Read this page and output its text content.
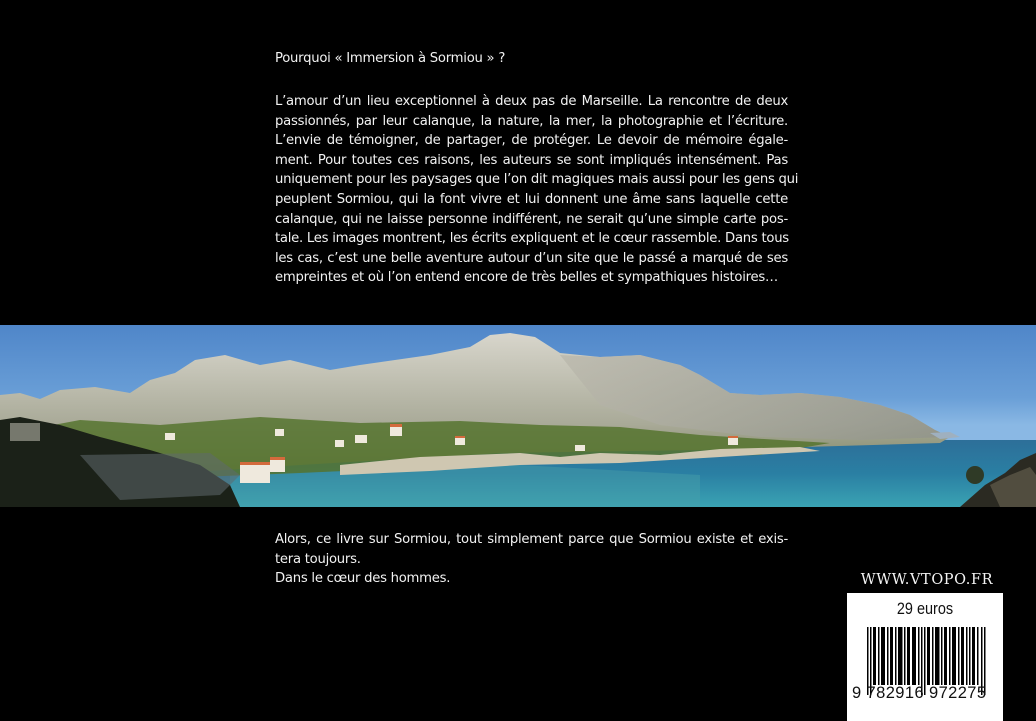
Pourquoi « Immersion à Sormiou » ?
L’amour d’un lieu exceptionnel à deux pas de Marseille. La rencontre de deux
passionnés, par leur calanque, la nature, la mer, la photographie et l’écriture.
L’envie de témoigner, de partager, de protéger. Le devoir de mémoire égale-
ment. Pour toutes ces raisons, les auteurs se sont impliqués intensément. Pas
uniquement pour les paysages que l’on dit magiques mais aussi pour les gens qui
peuplent Sormiou, qui la font vivre et lui donnent une âme sans laquelle cette
calanque, qui ne laisse personne indifférent, ne serait qu’une simple carte pos-
tale. Les images montrent, les écrits expliquent et le cœur rassemble. Dans tous
les cas, c’est une belle aventure autour d’un site que le passé a marqué de ses
empreintes et où l’on entend encore de très belles et sympathiques histoires…
Alors, ce livre sur Sormiou, tout simplement parce que Sormiou existe et exis-
tera toujours.
Dans le cœur des hommes.	WWW.VTOPO.FR
29 euros
9 782916 972275
